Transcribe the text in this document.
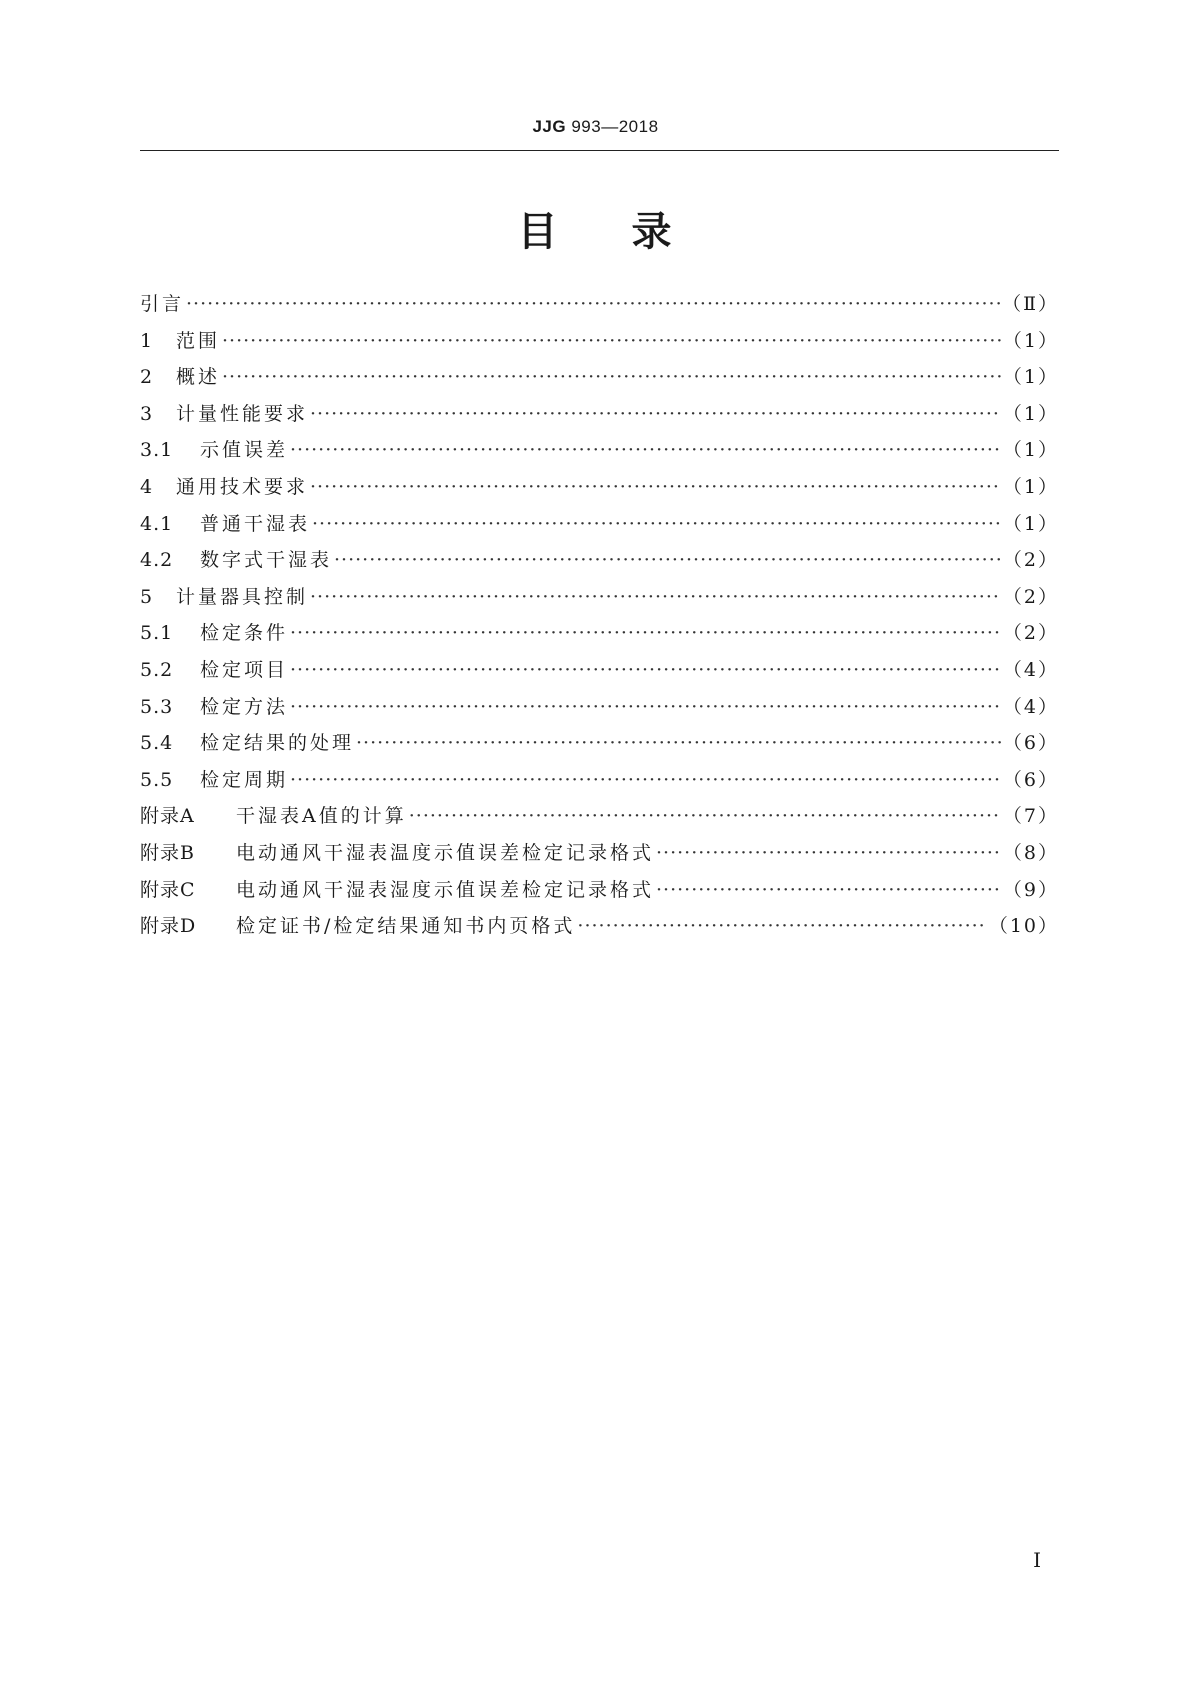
JJG 993—2018
目 录
引言 ·····	（Ⅱ）
1	范围 ·····	（1）
2	概述 ·····	（1）
3	计量性能要求 ·····	（1）
3.1	示值误差 ·····	（1）
4	通用技术要求 ·····	（1）
4.1	普通干湿表 ·····	（1）
4.2	数字式干湿表 ·····	（2）
5	计量器具控制 ·····	（2）
5.1	检定条件 ·····	（2）
5.2	检定项目 ·····	（4）
5.3	检定方法 ·····	（4）
5.4	检定结果的处理 ·····	（6）
5.5	检定周期 ·····	（6）
附录A	干湿表A值的计算 ·····	（7）
附录B	电动通风干湿表温度示值误差检定记录格式 ·····	（8）
附录C	电动通风干湿表湿度示值误差检定记录格式 ·····	（9）
附录D	检定证书/检定结果通知书内页格式 ·····	（10）
Ⅰ
